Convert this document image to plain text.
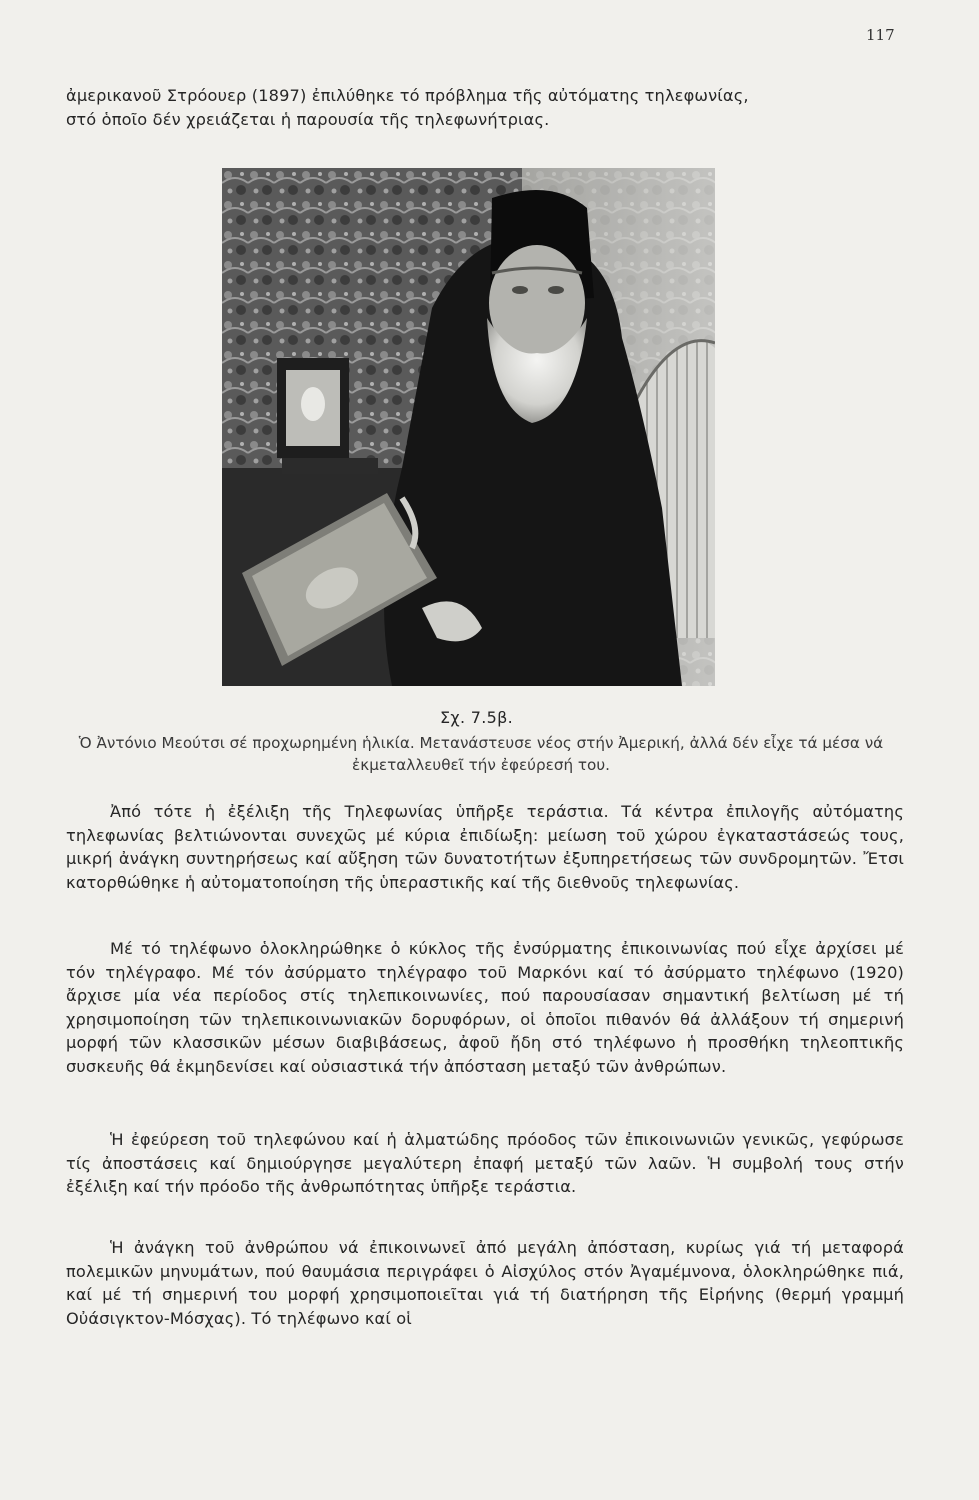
117

ἀμερικανοῦ Στρόουερ (1897) ἐπιλύθηκε τό πρόβλημα τῆς αὐτόματης τηλεφωνίας,

στό ὁποῖο δέν χρειάζεται ἡ παρουσία τῆς τηλεφωνήτριας.

Σχ. 7.5β.

Ὁ Ἀντόνιο Μεούτσι σέ προχωρημένη ἡλικία. Μετανάστευσε νέος στήν Ἀμερική, ἀλλά δέν εἶχε τά μέσα νά ἐκμεταλλευθεῖ τήν ἐφεύρεσή του.

Ἀπό τότε ἡ ἐξέλιξη τῆς Τηλεφωνίας ὑπῆρξε τεράστια. Τά κέντρα ἐπιλογῆς αὐτόματης τηλεφωνίας βελτιώνονται συνεχῶς μέ κύρια ἐπιδίωξη: μείωση τοῦ χώρου ἐγκαταστάσεώς τους, μικρή ἀνάγκη συντηρήσεως καί αὔξηση τῶν δυνατοτήτων ἐξυπηρετήσεως τῶν συνδρομητῶν. Ἔτσι κατορθώθηκε ἡ αὐτοματοποίηση τῆς ὑπεραστικῆς καί τῆς διεθνοῦς τηλεφωνίας.

Μέ τό τηλέφωνο ὁλοκληρώθηκε ὁ κύκλος τῆς ἐνσύρματης ἐπικοινωνίας πού εἶχε ἀρχίσει μέ τόν τηλέγραφο. Μέ τόν ἀσύρματο τηλέγραφο τοῦ Μαρκόνι καί τό ἀσύρματο τηλέφωνο (1920) ἄρχισε μία νέα περίοδος στίς τηλεπικοινωνίες, πού παρουσίασαν σημαντική βελτίωση μέ τή χρησιμοποίηση τῶν τηλεπικοινωνιακῶν δορυφόρων, οἱ ὁποῖοι πιθανόν θά ἀλλάξουν τή σημερινή μορφή τῶν κλασσικῶν μέσων διαβιβάσεως, ἀφοῦ ἤδη στό τηλέφωνο ἡ προσθήκη τηλεοπτικῆς συσκευῆς θά ἐκμηδενίσει καί οὐσιαστικά τήν ἀπόσταση μεταξύ τῶν ἀνθρώπων.

Ἡ ἐφεύρεση τοῦ τηλεφώνου καί ἡ ἁλματώδης πρόοδος τῶν ἐπικοινωνιῶν γενικῶς, γεφύρωσε τίς ἀποστάσεις καί δημιούργησε μεγαλύτερη ἐπαφή μεταξύ τῶν λαῶν. Ἡ συμβολή τους στήν ἐξέλιξη καί τήν πρόοδο τῆς ἀνθρωπότητας ὑπῆρξε τεράστια.

Ἡ ἀνάγκη τοῦ ἀνθρώπου νά ἐπικοινωνεῖ ἀπό μεγάλη ἀπόσταση, κυρίως γιά τή μεταφορά πολεμικῶν μηνυμάτων, πού θαυμάσια περιγράφει ὁ Αἰσχύλος στόν Ἀγαμέμνονα, ὁλοκληρώθηκε πιά, καί μέ τή σημερινή του μορφή χρησιμοποιεῖται γιά τή διατήρηση τῆς Εἰρήνης (θερμή γραμμή Οὐάσιγκτον-Μόσχας). Τό τηλέφωνο καί οἱ
